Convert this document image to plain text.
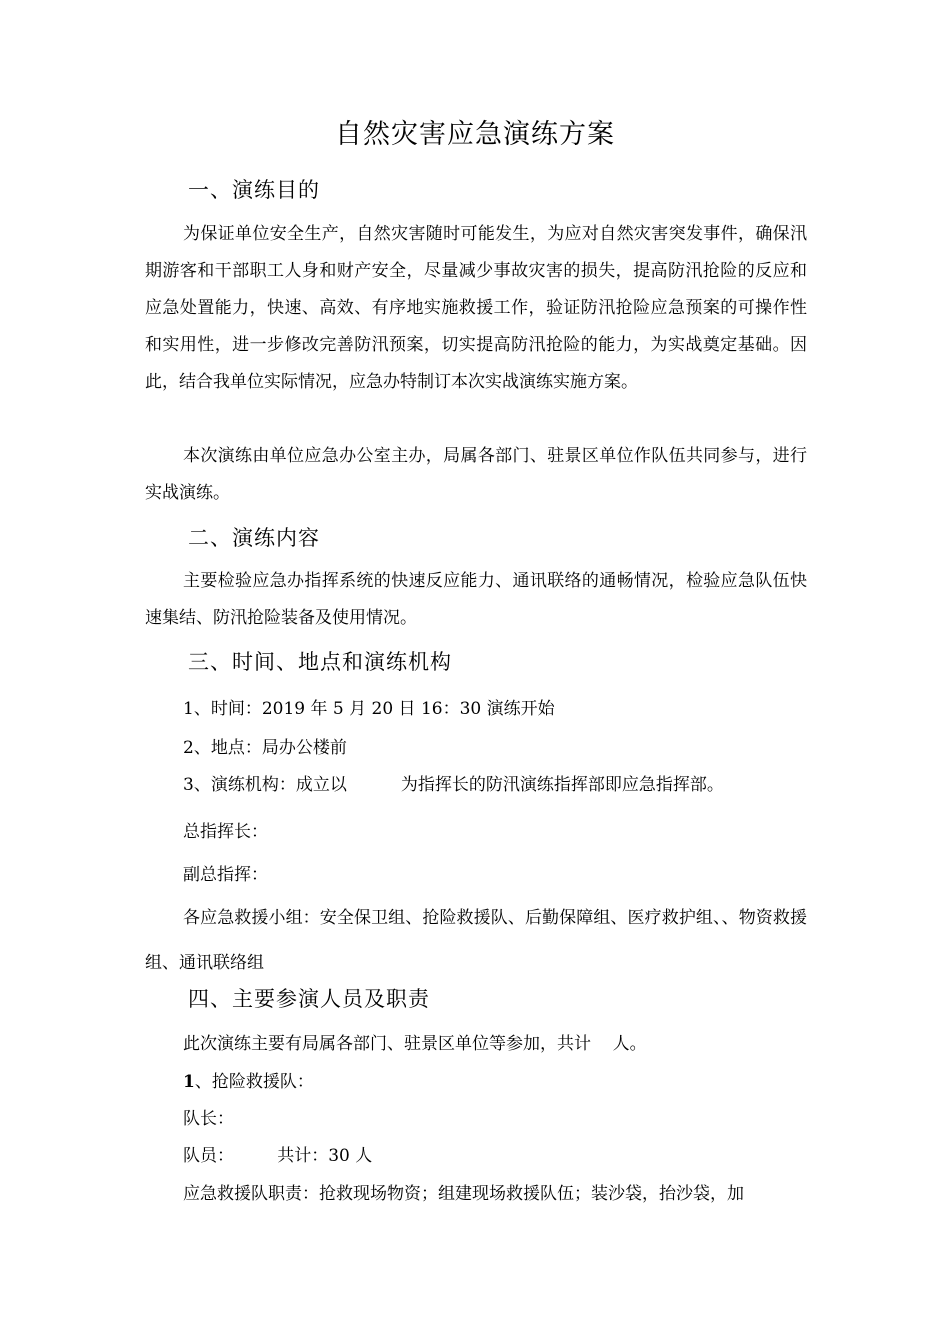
自然灾害应急演练方案
一、演练目的
为保证单位安全生产，自然灾害随时可能发生，为应对自然灾害突发事件，确保汛期游客和干部职工人身和财产安全，尽量减少事故灾害的损失，提高防汛抢险的反应和应急处置能力，快速、高效、有序地实施救援工作，验证防汛抢险应急预案的可操作性和实用性，进一步修改完善防汛预案，切实提高防汛抢险的能力，为实战奠定基础。因此，结合我单位实际情况，应急办特制订本次实战演练实施方案。
本次演练由单位应急办公室主办，局属各部门、驻景区单位作队伍共同参与，进行实战演练。
二、演练内容
主要检验应急办指挥系统的快速反应能力、通讯联络的通畅情况，检验应急队伍快速集结、防汛抢险装备及使用情况。
三、时间、地点和演练机构
1、时间：2019 年 5 月 20 日 16：30 演练开始
2、地点：局办公楼前
3、演练机构：成立以          为指挥长的防汛演练指挥部即应急指挥部。
总指挥长：
副总指挥：
各应急救援小组：安全保卫组、抢险救援队、后勤保障组、医疗救护组、、物资救援组、通讯联络组
四、主要参演人员及职责
此次演练主要有局属各部门、驻景区单位等参加，共计    人。
1、抢险救援队：
队长：
队员：        共计：30 人
应急救援队职责：抢救现场物资；组建现场救援队伍；装沙袋，抬沙袋，加
